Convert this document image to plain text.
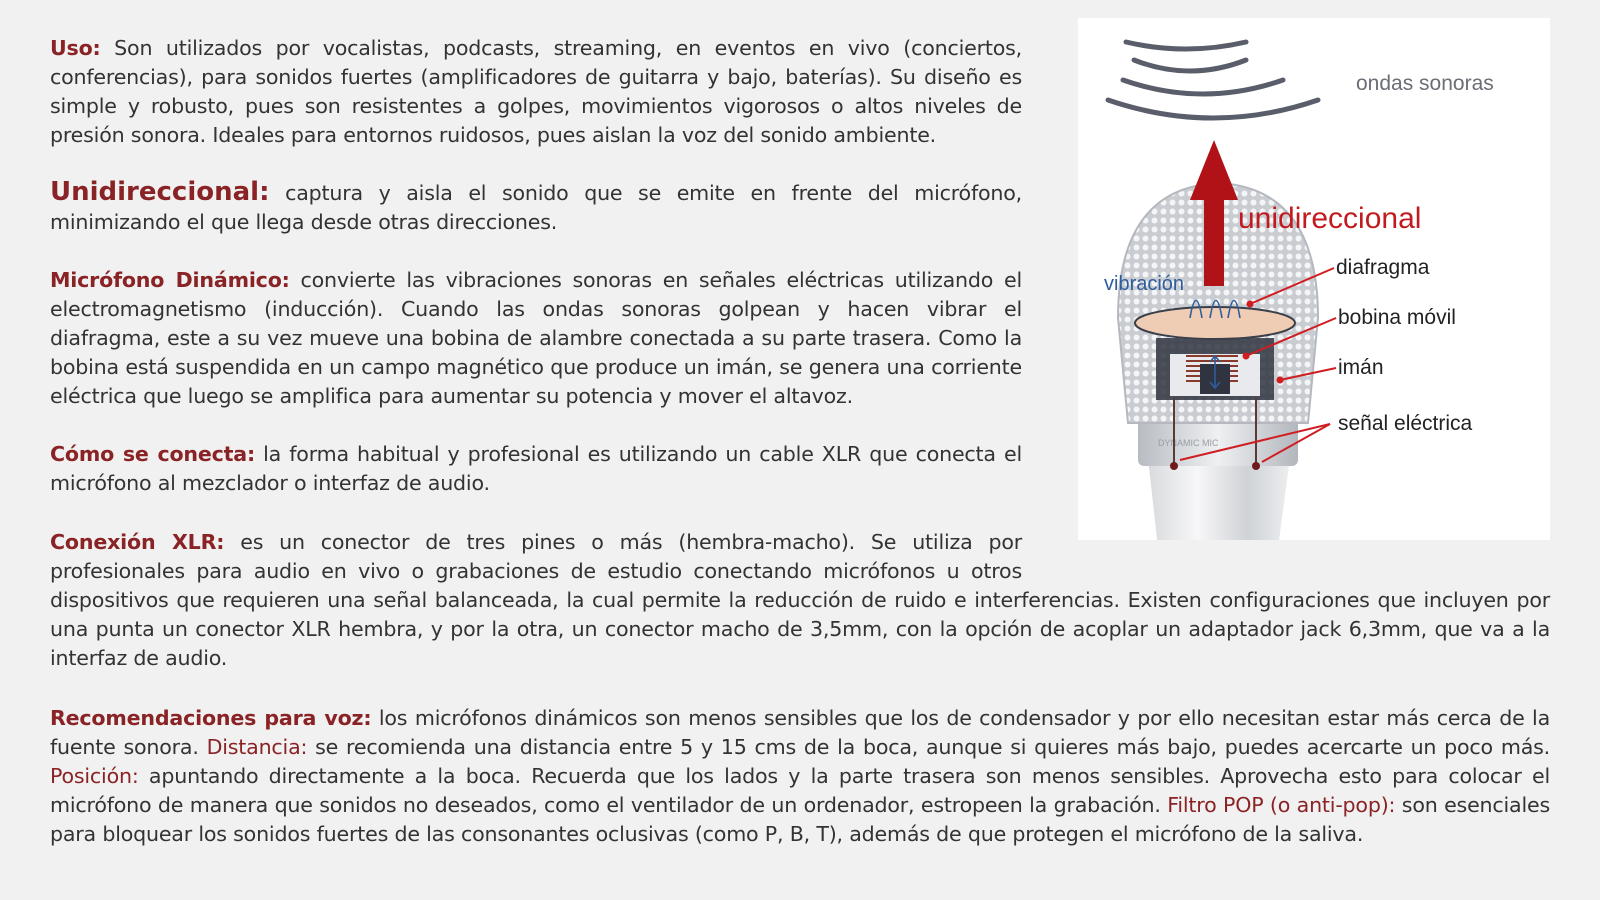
Uso: Son utilizados por vocalistas, podcasts, streaming, en eventos en vivo (conciertos, conferencias), para sonidos fuertes (amplificadores de guitarra y bajo, baterías). Su diseño es simple y robusto, pues son resistentes a golpes, movimientos vigorosos o altos niveles de presión sonora. Ideales para entornos ruidosos, pues aislan la voz del sonido ambiente.
Unidireccional: captura y aisla el sonido que se emite en frente del micrófono, minimizando el que llega desde otras direcciones.
Micrófono Dinámico: convierte las vibraciones sonoras en señales eléctricas utilizando el electromagnetismo (inducción). Cuando las ondas sonoras golpean y hacen vibrar el diafragma, este a su vez mueve una bobina de alambre conectada a su parte trasera. Como la bobina está suspendida en un campo magnético que produce un imán, se genera una corriente eléctrica que luego se amplifica para aumentar su potencia y mover el altavoz.
Cómo se conecta: la forma habitual y profesional es utilizando un cable XLR que conecta el micrófono al mezclador o interfaz de audio.
Conexión XLR: es un conector de tres pines o más (hembra-macho). Se utiliza por profesionales para audio en vivo o grabaciones de estudio conectando micrófonos u otros dispositivos que requieren una señal balanceada, la cual permite la reducción de ruido e interferencias. Existen configuraciones que incluyen por una punta un conector XLR hembra, y por la otra, un conector macho de 3,5mm, con la opción de acoplar un adaptador jack 6,3mm, que va a la interfaz de audio.
Recomendaciones para voz: los micrófonos dinámicos son menos sensibles que los de condensador y por ello necesitan estar más cerca de la fuente sonora. Distancia: se recomienda una distancia entre 5 y 15 cms de la boca, aunque si quieres más bajo, puedes acercarte un poco más. Posición: apuntando directamente a la boca. Recuerda que los lados y la parte trasera son menos sensibles. Aprovecha esto para colocar el micrófono de manera que sonidos no deseados, como el ventilador de un ordenador, estropeen la grabación. Filtro POP (o anti-pop): son esenciales para bloquear los sonidos fuertes de las consonantes oclusivas (como P, B, T), además de que protegen el micrófono de la saliva.
ondas sonoras
DYNAMIC MIC
unidireccional
vibración
diafragma
bobina móvil
imán
señal eléctrica
